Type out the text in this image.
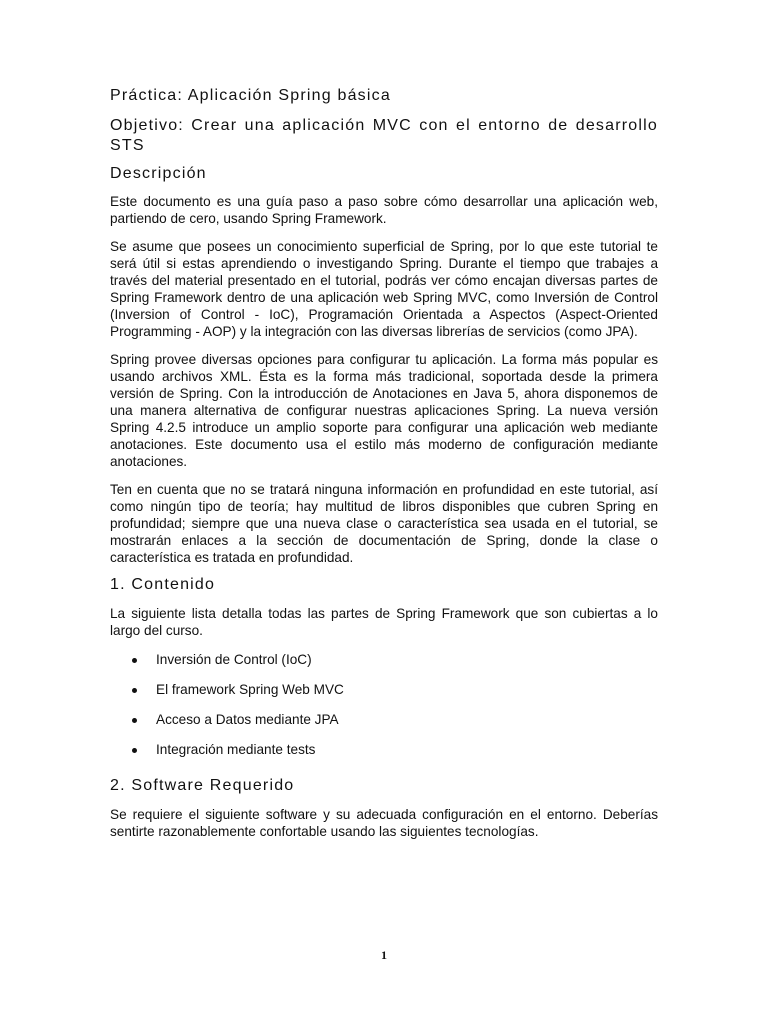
Práctica: Aplicación Spring básica
Objetivo: Crear una aplicación MVC con el entorno de desarrollo STS
Descripción

Este documento es una guía paso a paso sobre cómo desarrollar una aplicación web, partiendo de cero, usando Spring Framework.

Se asume que posees un conocimiento superficial de Spring, por lo que este tutorial te será útil si estas aprendiendo o investigando Spring. Durante el tiempo que trabajes a través del material presentado en el tutorial, podrás ver cómo encajan diversas partes de Spring Framework dentro de una aplicación web Spring MVC, como Inversión de Control (Inversion of Control - IoC), Programación Orientada a Aspectos (Aspect-Oriented Programming - AOP) y la integración con las diversas librerías de servicios (como JPA).

Spring provee diversas opciones para configurar tu aplicación. La forma más popular es usando archivos XML. Ésta es la forma más tradicional, soportada desde la primera versión de Spring. Con la introducción de Anotaciones en Java 5, ahora disponemos de una manera alternativa de configurar nuestras aplicaciones Spring. La nueva versión Spring 4.2.5 introduce un amplio soporte para configurar una aplicación web mediante anotaciones. Este documento usa el estilo más moderno de configuración mediante anotaciones.

Ten en cuenta que no se tratará ninguna información en profundidad en este tutorial, así como ningún tipo de teoría; hay multitud de libros disponibles que cubren Spring en profundidad; siempre que una nueva clase o característica sea usada en el tutorial, se mostrarán enlaces a la sección de documentación de Spring, donde la clase o característica es tratada en profundidad.

1. Contenido

La siguiente lista detalla todas las partes de Spring Framework que son cubiertas a lo largo del curso.

Inversión de Control (IoC)
El framework Spring Web MVC
Acceso a Datos mediante JPA
Integración mediante tests
2. Software Requerido

Se requiere el siguiente software y su adecuada configuración en el entorno. Deberías sentirte razonablemente confortable usando las siguientes tecnologías.

1
